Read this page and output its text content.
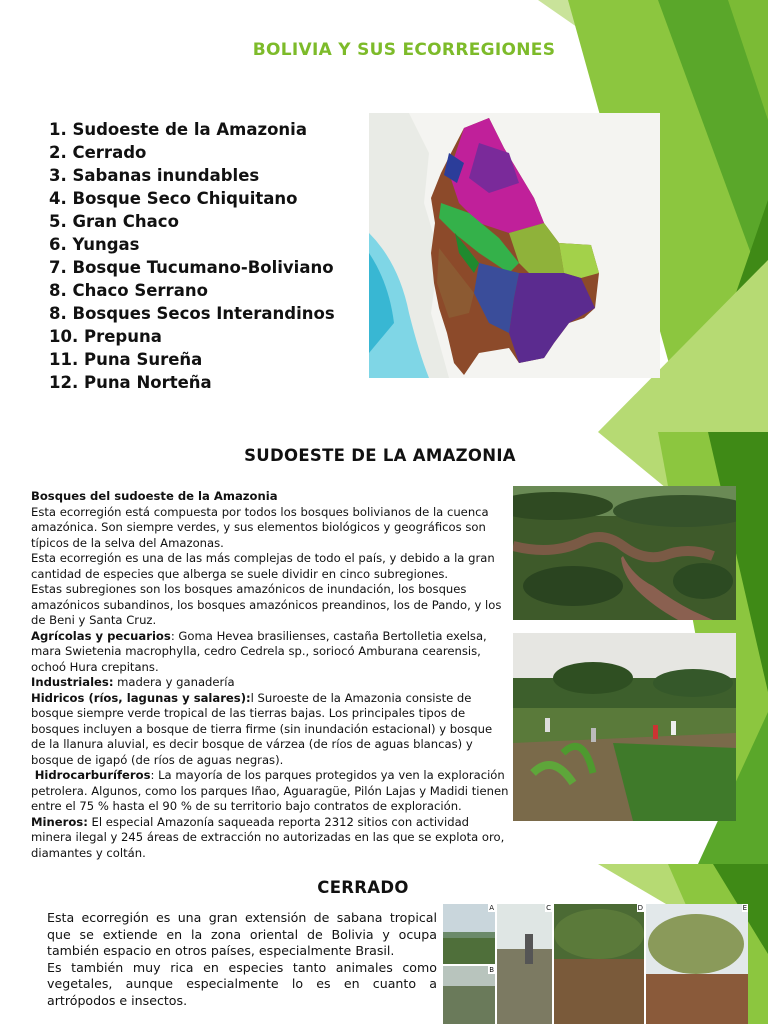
BOLIVIA Y SUS ECORREGIONES
1. Sudoeste de la Amazonia
2. Cerrado
3. Sabanas inundables
4. Bosque Seco Chiquitano
5. Gran Chaco
6. Yungas
7. Bosque Tucumano-Boliviano
8. Chaco Serrano
8. Bosques Secos Interandinos
10. Prepuna
11. Puna Sureña
12. Puna Norteña
SUDOESTE DE LA AMAZONIA

Bosques del sudoeste de la Amazonia

Esta ecorregión está compuesta por todos los bosques bolivianos de la cuenca amazónica. Son siempre verdes, y sus elementos biológicos y geográficos son típicos de la selva del Amazonas.

Esta ecorregión es una de las más complejas de todo el país, y debido a la gran cantidad de especies que alberga se suele dividir en cinco subregiones.

Estas subregiones son los bosques amazónicos de inundación, los bosques amazónicos subandinos, los bosques amazónicos preandinos, los de Pando, y los de Beni y Santa Cruz.

Agrícolas y pecuarios: Goma Hevea brasilienses, castaña Bertolletia exelsa, mara Swietenia macrophylla, cedro Cedrela sp., sorіocó Amburana cearensis, ochoó Hura crepitans.

Industriales: madera y ganadería

Hidricos (ríos, lagunas y salares):l Suroeste de la Amazonia consiste de bosque siempre verde tropical de las tierras bajas. Los principales tipos de bosques incluyen a bosque de tierra firme (sin inundación estacional) y bosque de la llanura aluvial, es decir bosque de várzea (de ríos de aguas blancas) y bosque de igapó (de ríos de aguas negras).

Hidrocarburíferos: La mayoría de los parques protegidos ya ven la exploración petrolera. Algunos, como los parques Iñao, Aguaragüe, Pilón Lajas y Madidi tienen entre el 75 % hasta el 90 % de su territorio bajo contratos de exploración.

Mineros: El especial Amazonía saqueada reporta 2312 sitios con actividad minera ilegal y 245 áreas de extracción no autorizadas en las que se explota oro, diamantes y coltán.

CERRADO

Esta ecorregión es una gran extensión de sabana tropical que se extiende en la zona oriental de Bolivia y ocupa también espacio en otros países, especialmente Brasil.

Es también muy rica en especies tanto animales como vegetales, aunque especialmente lo es en cuanto a artrópodos e insectos.

A
B
C	D	E
